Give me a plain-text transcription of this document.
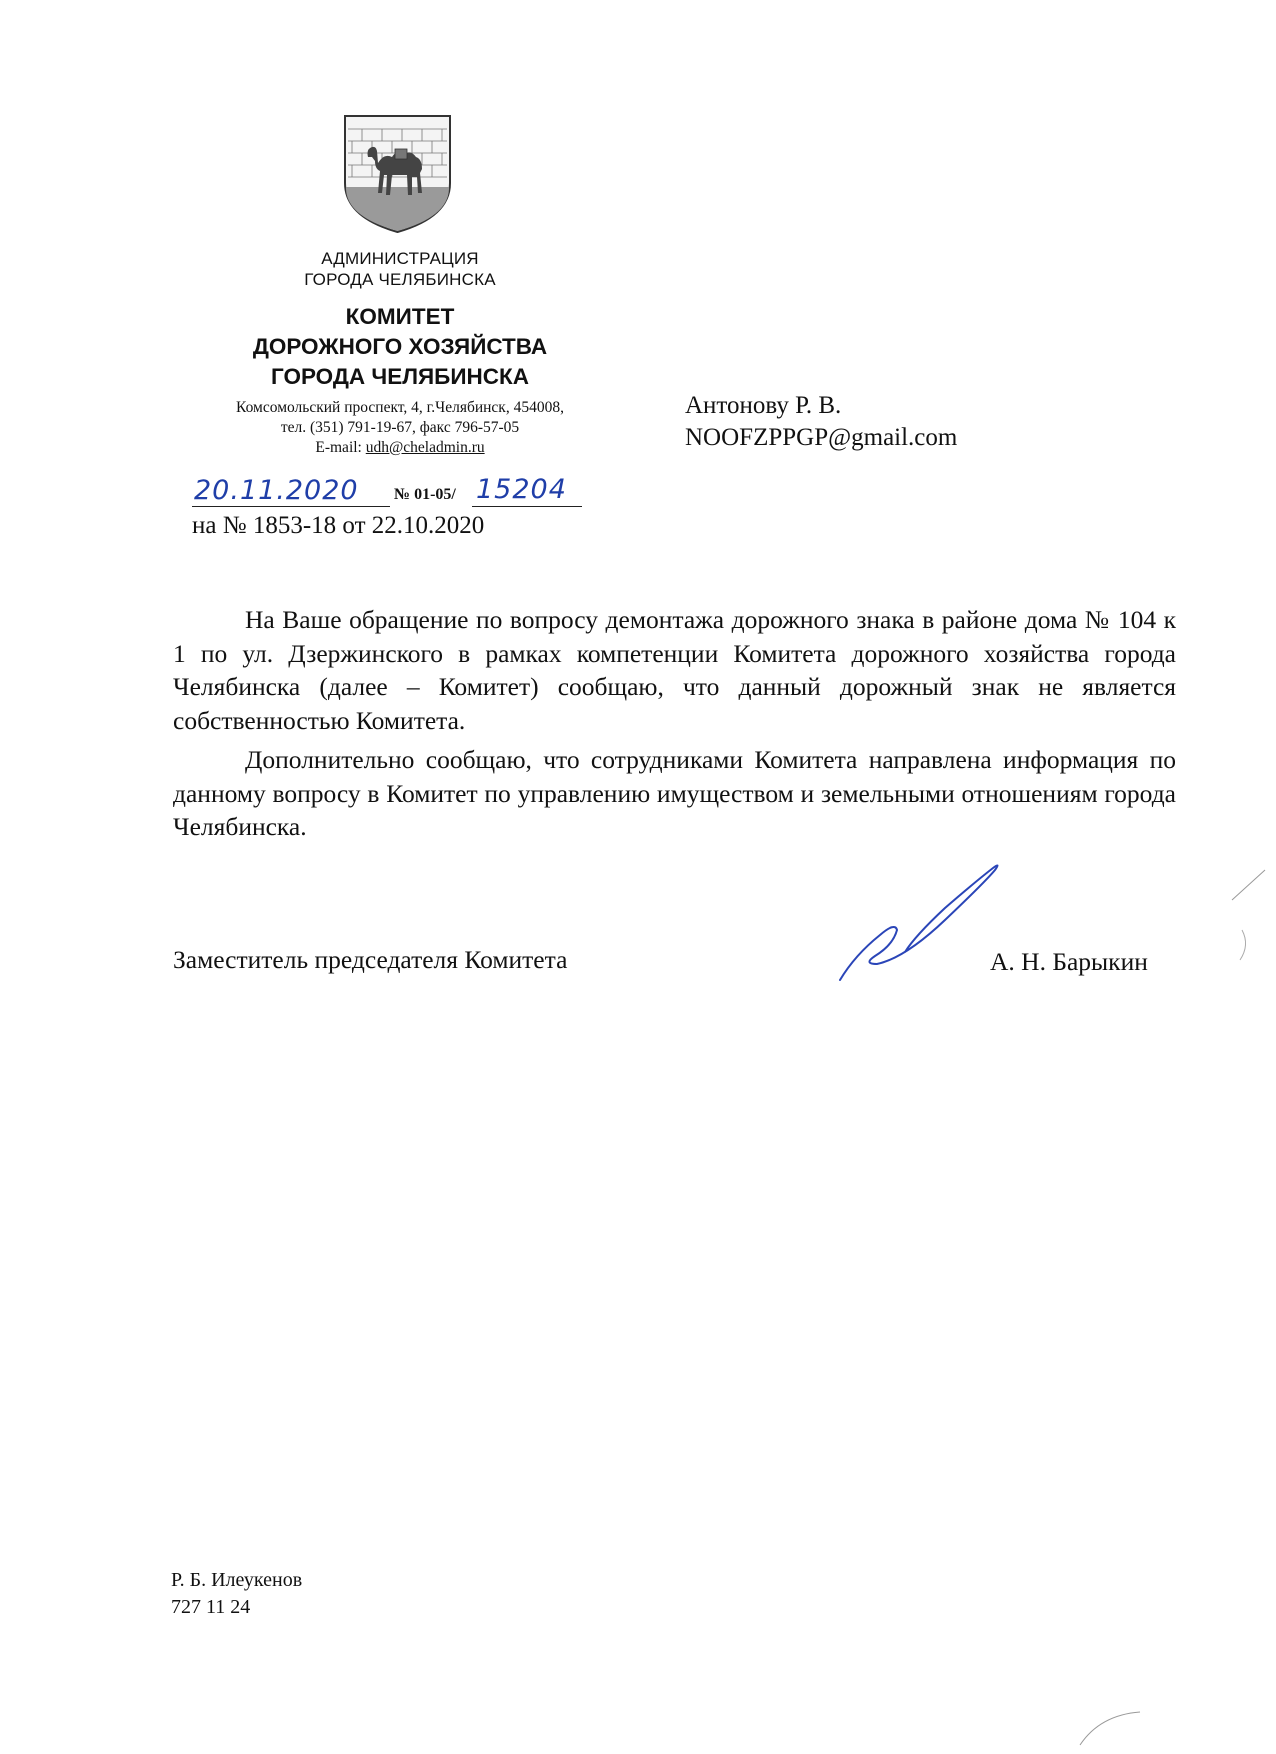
АДМИНИСТРАЦИЯ
ГОРОДА ЧЕЛЯБИНСКА
КОМИТЕТ
ДОРОЖНОГО ХОЗЯЙСТВА
ГОРОДА ЧЕЛЯБИНСКА
Комсомольский проспект, 4, г.Челябинск, 454008,
тел. (351) 791-19-67, факс 796-57-05
E-mail: udh@cheladmin.ru
20.11.2020 № 01-05/ 15204
на № 1853-18 от 22.10.2020
Антонову Р. В.
NOOFZPPGP@gmail.com

На Ваше обращение по вопросу демонтажа дорожного знака в районе дома № 104 к 1 по ул. Дзержинского в рамках компетенции Комитета дорожного хозяйства города Челябинска (далее – Комитет) сообщаю, что данный дорожный знак не является собственностью Комитета.

Дополнительно сообщаю, что сотрудниками Комитета направлена информация по данному вопросу в Комитет по управлению имуществом и земельными отношениям города Челябинска.

Заместитель председателя Комитета	А. Н. Барыкин
Р. Б. Илеукенов
727 11 24
